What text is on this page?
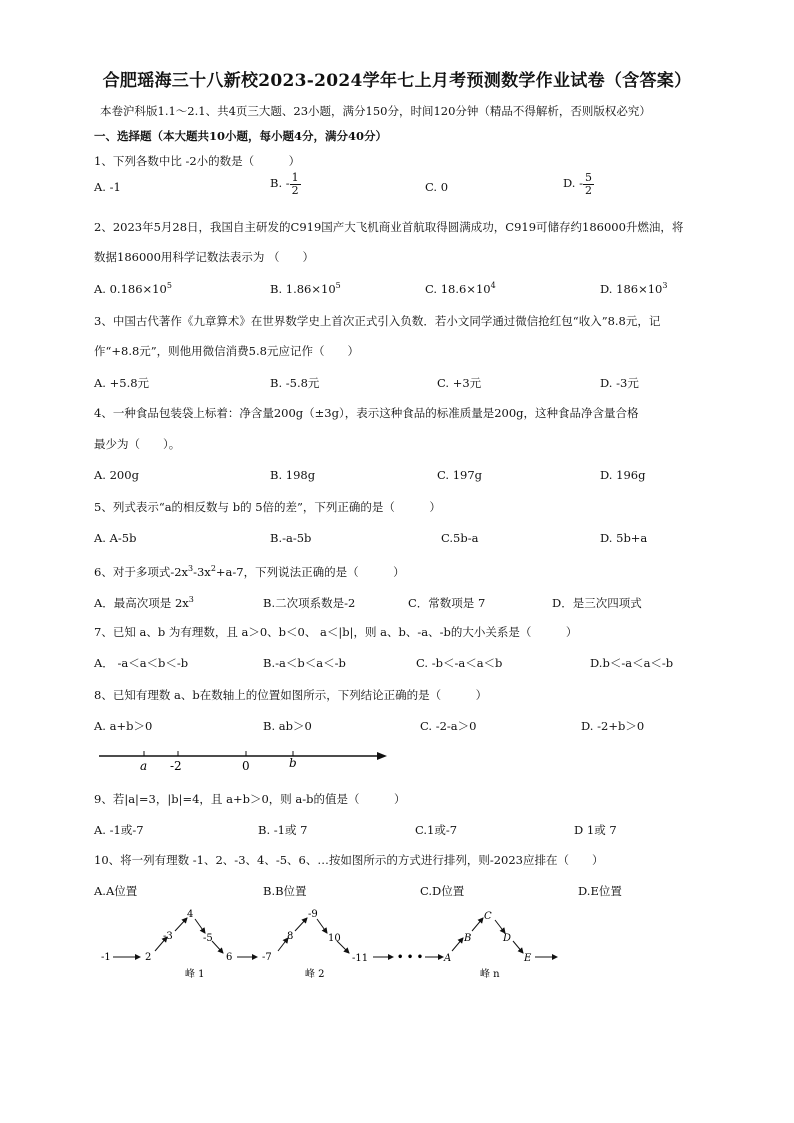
合肥瑶海三十八新校2023-2024学年七上月考预测数学作业试卷（含答案）
本卷沪科版1.1～2.1、共4页三大题、23小题，满分150分，时间120分钟（精品不得解析，否则版权必究）
一、选择题（本大题共10小题，每小题4分，满分40分）
1、下列各数中比 -2小的数是（　　　）
A. -1	B. - $\frac{1}{2}$	C. 0	D. - $\frac{5}{2}$
2、2023年5月28日，我国自主研发的C919国产大飞机商业首航取得圆满成功，C919可储存约186000升燃油，将
数据186000用科学记数法表示为 （　　）
A. $0.186\times 10^5$	B. $1.86\times 10^5$	C. $18.6\times 10^4$	D. $186\times 10^3$
3、中国古代著作《九章算术》在世界数学史上首次正式引入负数．若小文同学通过微信抢红包“收入”8.8元，记
作“+8.8元”，则他用微信消费5.8元应记作（　　）
A. +5.8元	B. -5.8元	C. +3元	D. -3元
4、一种食品包装袋上标着：净含量200g（±3g），表示这种食品的标准质量是200g，这种食品净含量合格
最少为（　　）。
A. 200g	B. 198g	C. 197g	D. 196g
5、列式表示“a的相反数与 b的 5倍的差”，下列正确的是（　　　）
A. A-5b	B.-a-5b	C.5b-a	D. 5b+a
6、对于多项式$-2x^3-3x^2+a-7$，下列说法正确的是（　　　）
A．最高次项是 $2x^3$	B.二次项系数是-2	C．常数项是 7	D．是三次四项式
7、已知 a、b 为有理数，且 a＞0、b＜0、 a＜|b|，则 a、b、-a、-b的大小关系是（　　　）
A． -a＜a＜b＜-b	B.-a＜b＜a＜-b	C. -b＜-a＜a＜b	D.b＜-a＜a＜-b
8、已知有理数 a、b在数轴上的位置如图所示，下列结论正确的是（　　　）
A. a+b＞0	B. ab＞0	C. -2-a＞0	D. -2+b＞0
a -2	0	b
9、若|a|=3，|b|=4，且 a+b＞0，则 a-b的值是（　　　）
A. -1或-7	B. -1或 7	C.1或-7	D 1或 7
10、将一列有理数 -1、2、-3、4、-5、6、…按如图所示的方式进行排列，则-2023应排在（　　）
A.A位置	B.B位置	C.D位置	D.E位置
-1	2
-3
4
-5
6
峰 1
-7
8
-9
10
-11
峰 2
• • • A
B
C
D
E
峰 n
